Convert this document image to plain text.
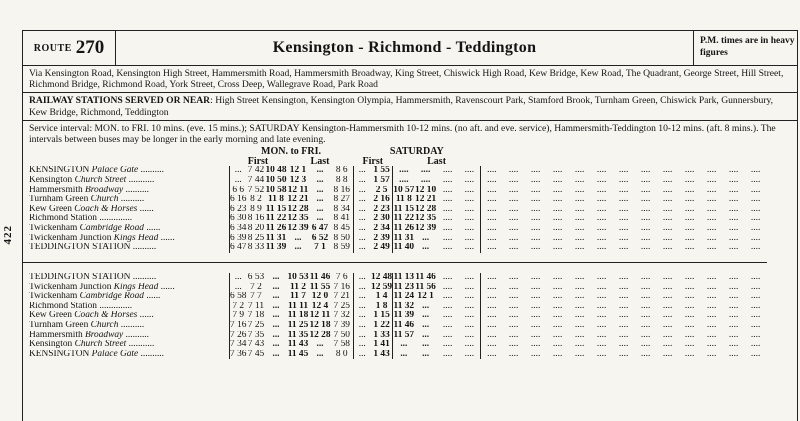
422
ROUTE 270	Kensington - Richmond - Teddington	P.M. times are in heavy figures
Via Kensington Road, Kensington High Street, Hammersmith Road, Hammersmith Broadway, King Street, Chiswick High Road, Kew Bridge, Kew Road, The Quadrant, George Street, Hill Street, Richmond Bridge, Richmond Road, York Street, Cross Deep, Wallegrave Road, Park Road
RAILWAY STATIONS SERVED OR NEAR: High Street Kensington, Kensington Olympia, Hammersmith, Ravenscourt Park, Stamford Brook, Turnham Green, Chiswick Park, Gunnersbury, Kew Bridge, Richmond, Teddington
Service interval: MON. to FRI. 10 mins. (eve. 15 mins.); SATURDAY Kensington-Hammersmith 10-12 mins. (no aft. and eve. service), Hammersmith-Teddington 10-12 mins. (aft. 8 mins.). The intervals between buses may be longer in the early morning and late evening.
	MON. to FRI.						SATURDAY																		
	First			Last			First		Last																
KENSINGTON Palace Gate ..........	...	7 42	10 48	12 1	...	8 6	...	1 55	....	....	....	....	....	....	....	....	....	....	....	....	....	....	....	....	....
Kensington Church Street ...........	...	7 44	10 50	12 3	...	8 8	...	1 57	....	....	....	....	....	....	....	....	....	....	....	....	....	....	....	....	....
Hammersmith Broadway ..........	6 6	7 52	10 58	12 11	...	8 16	...	2 5	10 57	12 10	....	....	....	....	....	....	....	....	....	....	....	....	....	....	....
Turnham Green Church ..........	6 16	8 2	11 8	12 21	...	8 27	...	2 16	11 8	12 21	....	....	....	....	....	....	....	....	....	....	....	....	....	....	....
Kew Green Coach & Horses ......	6 23	8 9	11 15	12 28	...	8 34	...	2 23	11 15	12 28	....	....	....	....	....	....	....	....	....	....	....	....	....	....	....
Richmond Station ..............	6 30	8 16	11 22	12 35	...	8 41	...	2 30	11 22	12 35	....	....	....	....	....	....	....	....	....	....	....	....	....	....	....
Twickenham Cambridge Road ......	6 34	8 20	11 26	12 39	6 47	8 45	...	2 34	11 26	12 39	....	....	....	....	....	....	....	....	....	....	....	....	....	....	....
Twickenham Junction Kings Head ......	6 39	8 25	11 31	...	6 52	8 50	...	2 39	11 31	...	....	....	....	....	....	....	....	....	....	....	....	....	....	....	....
TEDDINGTON STATION ..........	6 47	8 33	11 39	...	7 1	8 59	...	2 49	11 40	...	....	....	....	....	....	....	....	....	....	....	....	....	....	....	....

TEDDINGTON STATION ..........	...	6 53	...	10 53	11 46	7 6	...	12 48	11 13	11 46	....	....	....	....	....	....	....	....	....	....	....	....	....	....	....
Twickenham Junction Kings Head ......	...	7 2	...	11 2	11 55	7 16	...	12 59	11 23	11 56	....	....	....	....	....	....	....	....	....	....	....	....	....	....	....
Twickenham Cambridge Road ......	6 58	7 7	...	11 7	12 0	7 21	...	1 4	11 24	12 1	....	....	....	....	....	....	....	....	....	....	....	....	....	....	....
Richmond Station ..............	7 2	7 11	...	11 11	12 4	7 25	...	1 8	11 32	...	....	....	....	....	....	....	....	....	....	....	....	....	....	....	....
Kew Green Coach & Horses ......	7 9	7 18	...	11 18	12 11	7 32	...	1 15	11 39	...	....	....	....	....	....	....	....	....	....	....	....	....	....	....	....
Turnham Green Church ..........	7 16	7 25	...	11 25	12 18	7 39	...	1 22	11 46	...	....	....	....	....	....	....	....	....	....	....	....	....	....	....	....
Hammersmith Broadway ..........	7 26	7 35	...	11 35	12 28	7 50	...	1 33	11 57	...	....	....	....	....	....	....	....	....	....	....	....	....	....	....	....
Kensington Church Street ...........	7 34	7 43	...	11 43	...	7 58	...	1 41	...	...	....	....	....	....	....	....	....	....	....	....	....	....	....	....	....
KENSINGTON Palace Gate ..........	7 36	7 45	...	11 45	...	8 0	...	1 43	...	...	....	....	....	....	....	....	....	....	....	....	....	....	....	....	....
